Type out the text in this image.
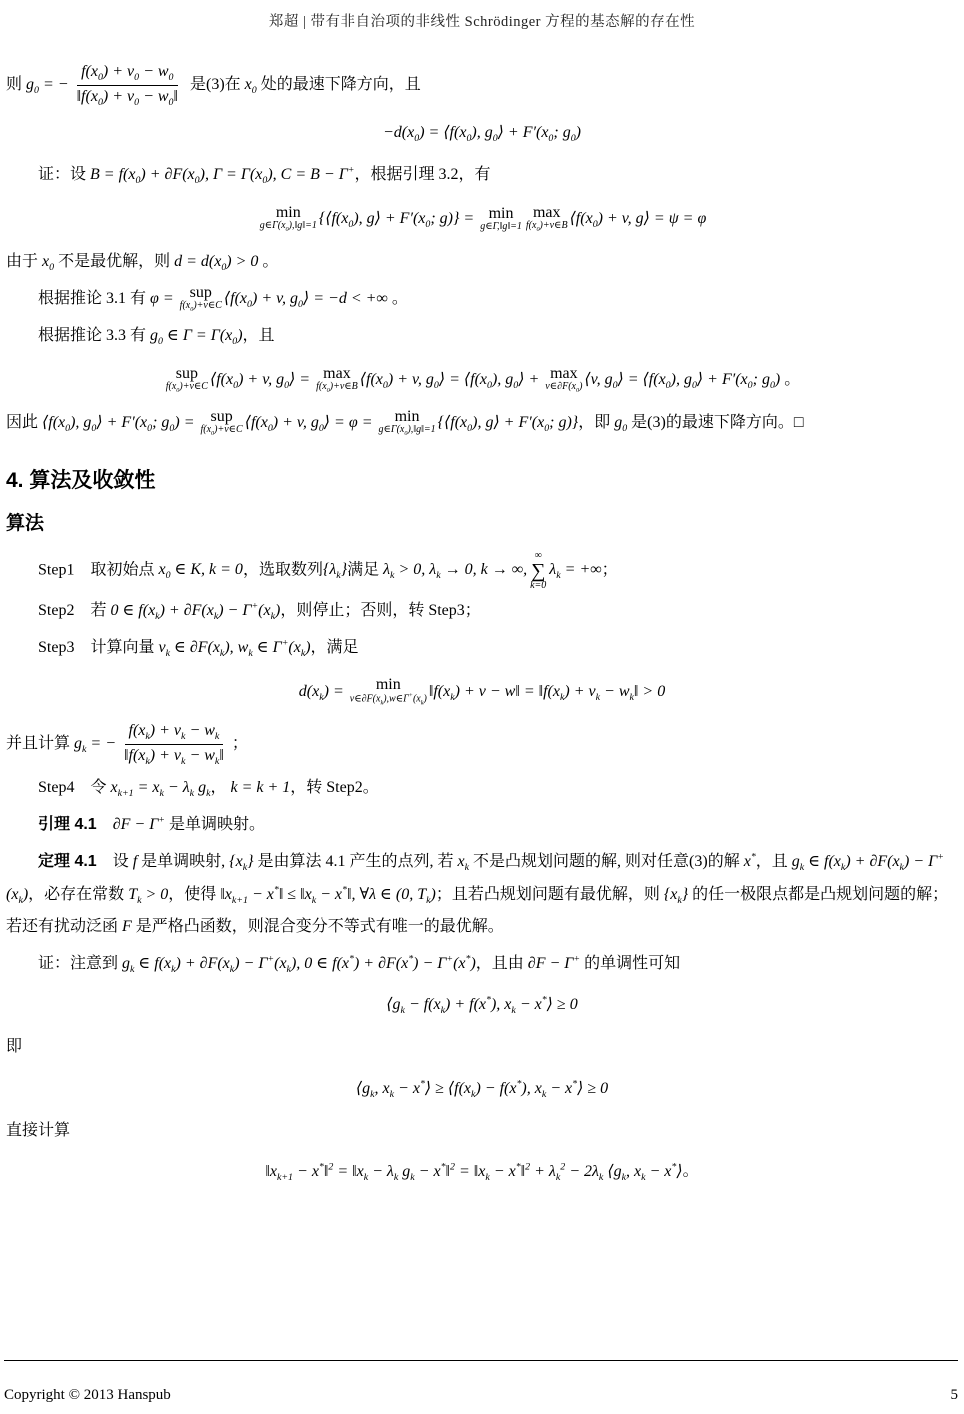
郑超 | 带有非自治项的非线性 Schrödinger 方程的基态解的存在性
则 $g_0$ = − $\frac{f(x_0) + v_0 - w_0}{‖f(x_0) + v_0 - w_0‖}$ 是(3)在 $x_0$ 处的最速下降方向，且
$-d(x_0)$ = $⟨f(x_0)$, $g_0⟩ + F'(x_0$; $g_0$)
证：设 $B = f(x_0) + \partial F(x_0)$, $\Gamma = \Gamma(x_0)$, C = B − Γ+，根据引理 3.2，有
min
$g\in\Gamma(x_0),‖g‖=1$ {$⟨f(x_0)$, g⟩ + $F'(x_0$; g)} = min
g∈Γ,‖g‖=1
max
$f(x_0)+v\in B$ $⟨f(x_0) + v$, g⟩ = ψ = φ
由于 $x_0$ 不是最优解，则 $d = d(x_0) > 0$ 。
根据推论 3.1 有 φ = sup
$f(x_0)+v\in C$ $⟨f(x_0) + v$, $g_0⟩ = -d$ < +∞ 。
根据推论 3.3 有 $g_0$ ∈ $\Gamma = \Gamma(x_0)$，且
sup
$f(x_0)+v\in C$ $⟨f(x_0) + v$, $g_0⟩ = \max$
$f(x_0)+v\in B$ $⟨f(x_0) + v$, $g_0⟩$ = $⟨f(x_0)$, $g_0⟩ + \max$
$v\in\partial F(x_0)$ ⟨v, $g_0⟩$ = $⟨f(x_0)$, $g_0⟩ + F'(x_0$; $g_0$) 。
因此 $⟨f(x_0)$, $g_0⟩ + F'(x_0$; $g_0$) = sup
$f(x_0)+v\in C$ $⟨f(x_0) + v$, $g_0⟩ = \varphi = \min$
$g\in\Gamma(x_0),‖g‖=1$ {$⟨f(x_0)$, g⟩ + $F'(x_0$; g)}，即 $g_0$ 是(3)的最速下降方向。□
4. 算法及收敛性
算法
Step1　取初始点 $x_0$ ∈ K, k = 0，选取数列$\{\lambda_k\}$满足 $\lambda_k > 0$, $\lambda_k \to 0$, k → ∞,
∞
∑
k=0
$\lambda_k$ = +∞；
Step2　若 0 ∈ $f(x_k) + \partial F(x_k) - \Gamma^+(x_k)$，则停止；否则，转 Step3；
Step3　计算向量 $v_k$ ∈ $\partial F(x_k)$, $w_k$ ∈ $\Gamma^+(x_k)$，满足
$d(x_k) = \min$
$v\in\partial F(x_k),w\in\Gamma^+(x_k)$ $‖f(x_k) + v$ − w‖ = $‖f(x_k) + v_k$ − $w_k‖ > 0$
并且计算 $g_k$ = − $\frac{f(x_k) + v_k - w_k}{‖f(x_k) + v_k - w_k‖}$ ；
Step4　令 $x_{k+1} = x_k - \lambda_k$ $g_k$， k = k + 1，转 Step2。
引理 4.1　 ∂F − Γ+ 是单调映射。
定理 4.1　设 f 是单调映射, $\{x_k\}$ 是由算法 4.1 产生的点列, 若 $x_k$ 不是凸规划问题的解, 则对任意(3)的解 x*，且 $g_k$ ∈ $f(x_k) + \partial F(x_k) - \Gamma^+(x_k)$，必存在常数 $T_k > 0$，使得 $‖x_{k+1}$ − x*‖ ≤ $‖x_k$ − x*‖, ∀λ ∈ (0, $T_k$)；且若凸规划问题有最优解，则 $\{x_k\}$ 的任一极限点都是凸规划问题的解；若还有扰动泛函 F 是严格凸函数，则混合变分不等式有唯一的最优解。
证：注意到 $g_k$ ∈ $f(x_k) + \partial F(x_k) - \Gamma^+(x_k)$, 0 ∈ f(x*) + ∂F(x*) − Γ+(x*)，且由 ∂F − Γ+ 的单调性可知
$⟨g_k - f(x_k) + f(x^*)$, $x_k$ − x*⟩ ≥ 0
即
$⟨g_k$, $x_k$ − x*⟩ ≥ $⟨f(x_k) - f(x^*)$, $x_k$ − x*⟩ ≥ 0
直接计算
$‖x_{k+1}$ − x*‖$^2$ = $‖x_k - \lambda_k$ $g_k$ − x*‖$^2$ = $‖x_k$ − x*‖$^2$ + $\lambda_k^2 - 2\lambda_k$ $⟨g_k$, $x_k$ − x*⟩。
Copyright © 2013 Hanspub	5
